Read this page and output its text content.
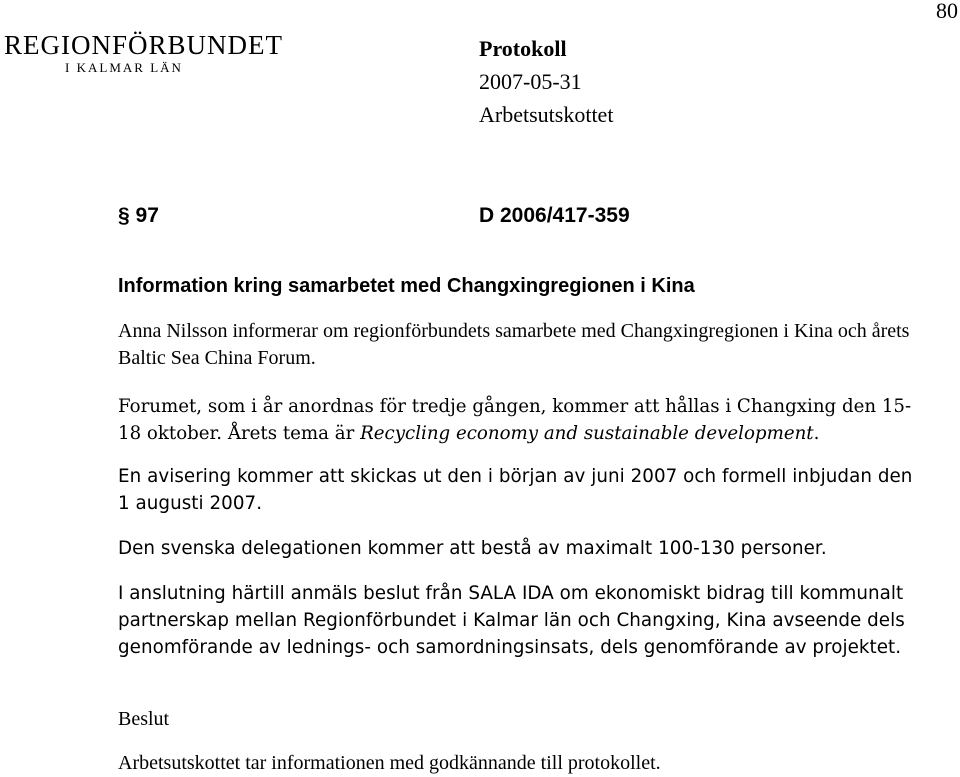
80
REGIONFÖRBUNDET
I KALMAR LÄN
Protokoll
2007-05-31
Arbetsutskottet
§ 97	D 2006/417-359
Information kring samarbetet med Changxingregionen i Kina
Anna Nilsson informerar om regionförbundets samarbete med Changxingregionen i Kina och årets Baltic Sea China Forum.
Forumet, som i år anordnas för tredje gången, kommer att hållas i Changxing den 15-18 oktober. Årets tema är Recycling economy and sustainable development.
En avisering kommer att skickas ut den i början av juni 2007 och formell inbjudan den 1 augusti 2007.
Den svenska delegationen kommer att bestå av maximalt 100-130 personer.
I anslutning härtill anmäls beslut från SALA IDA om ekonomiskt bidrag till kommunalt partnerskap mellan Regionförbundet i Kalmar län och Changxing, Kina avseende dels genomförande av lednings- och samordningsinsats, dels genomförande av projektet.
Beslut
Arbetsutskottet tar informationen med godkännande till protokollet.
